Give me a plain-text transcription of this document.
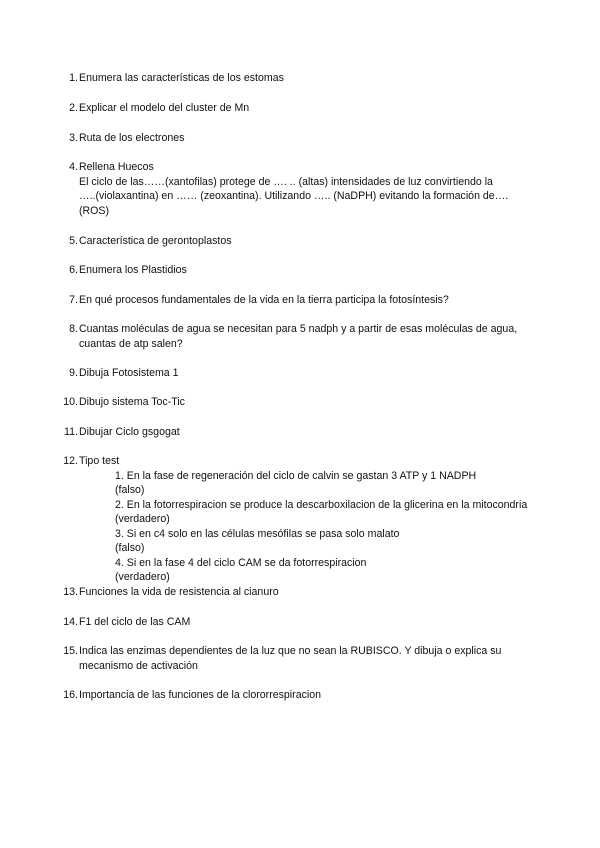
1. Enumera las características de los estomas
2. Explicar el modelo del cluster de Mn
3. Ruta de los electrones
4. Rellena Huecos
El ciclo de las……(xantofilas) protege de …. .. (altas) intensidades de luz convirtiendo la
…..(violaxantina) en …… (zeoxantina). Utilizando ….. (NaDPH) evitando la formación de….
(ROS)
5. Característica de gerontoplastos
6. Enumera los Plastidios
7. En qué procesos fundamentales de la vida en la tierra participa la fotosíntesis?
8. Cuantas moléculas de agua se necesitan para 5 nadph y a partir de esas moléculas de agua,
cuantas de atp salen?
9. Dibuja Fotosistema 1
10. Dibujo sistema Toc-Tic
11. Dibujar Ciclo gsgogat
12. Tipo test
1. En la fase de regeneración del ciclo de calvin se gastan 3 ATP y 1 NADPH
(falso)
2. En la fotorrespiracion se produce la descarboxilacion de la glicerina en la mitocondria
(verdadero)
3. Si en c4 solo en las células mesófilas se pasa solo malato
(falso)
4. Si en la fase 4 del ciclo CAM se da fotorrespiracion
(verdadero)
13. Funciones la vida de resistencia al cianuro
14. F1 del ciclo de las CAM
15. Indica las enzimas dependientes de la luz que no sean la RUBISCO. Y dibuja o explica su
mecanismo de activación
16. Importancia de las funciones de la clororrespiracion
